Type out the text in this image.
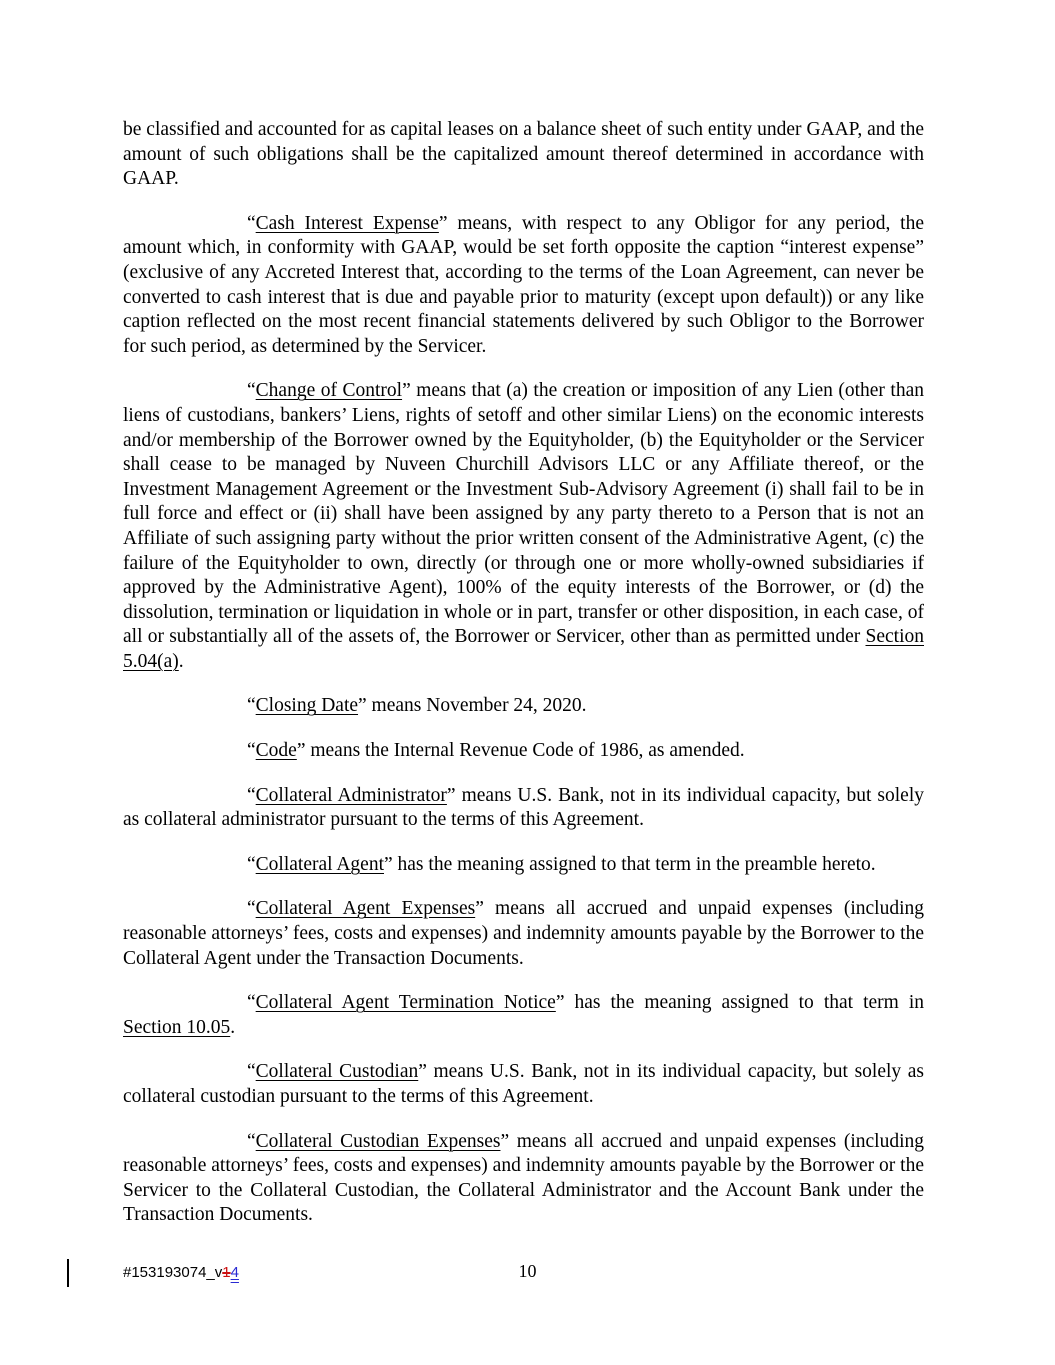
be classified and accounted for as capital leases on a balance sheet of such entity under GAAP, and the amount of such obligations shall be the capitalized amount thereof determined in accordance with GAAP.

“Cash Interest Expense” means, with respect to any Obligor for any period, the amount which, in conformity with GAAP, would be set forth opposite the caption “interest expense” (exclusive of any Accreted Interest that, according to the terms of the Loan Agreement, can never be converted to cash interest that is due and payable prior to maturity (except upon default)) or any like caption reflected on the most recent financial statements delivered by such Obligor to the Borrower for such period, as determined by the Servicer.

“Change of Control” means that (a) the creation or imposition of any Lien (other than liens of custodians, bankers’ Liens, rights of setoff and other similar Liens) on the economic interests and/or membership of the Borrower owned by the Equityholder, (b) the Equityholder or the Servicer shall cease to be managed by Nuveen Churchill Advisors LLC or any Affiliate thereof, or the Investment Management Agreement or the Investment Sub-Advisory Agreement (i) shall fail to be in full force and effect or (ii) shall have been assigned by any party thereto to a Person that is not an Affiliate of such assigning party without the prior written consent of the Administrative Agent, (c) the failure of the Equityholder to own, directly (or through one or more wholly-owned subsidiaries if approved by the Administrative Agent), 100% of the equity interests of the Borrower, or (d) the dissolution, termination or liquidation in whole or in part, transfer or other disposition, in each case, of all or substantially all of the assets of, the Borrower or Servicer, other than as permitted under Section 5.04(a).

“Closing Date” means November 24, 2020.

“Code” means the Internal Revenue Code of 1986, as amended.

“Collateral Administrator” means U.S. Bank, not in its individual capacity, but solely as collateral administrator pursuant to the terms of this Agreement.

“Collateral Agent” has the meaning assigned to that term in the preamble hereto.

“Collateral Agent Expenses” means all accrued and unpaid expenses (including reasonable attorneys’ fees, costs and expenses) and indemnity amounts payable by the Borrower to the Collateral Agent under the Transaction Documents.

“Collateral Agent Termination Notice” has the meaning assigned to that term in Section 10.05.

“Collateral Custodian” means U.S. Bank, not in its individual capacity, but solely as collateral custodian pursuant to the terms of this Agreement.

“Collateral Custodian Expenses” means all accrued and unpaid expenses (including reasonable attorneys’ fees, costs and expenses) and indemnity amounts payable by the Borrower or the Servicer to the Collateral Custodian, the Collateral Administrator and the Account Bank under the Transaction Documents.

#153193074_v14	10
